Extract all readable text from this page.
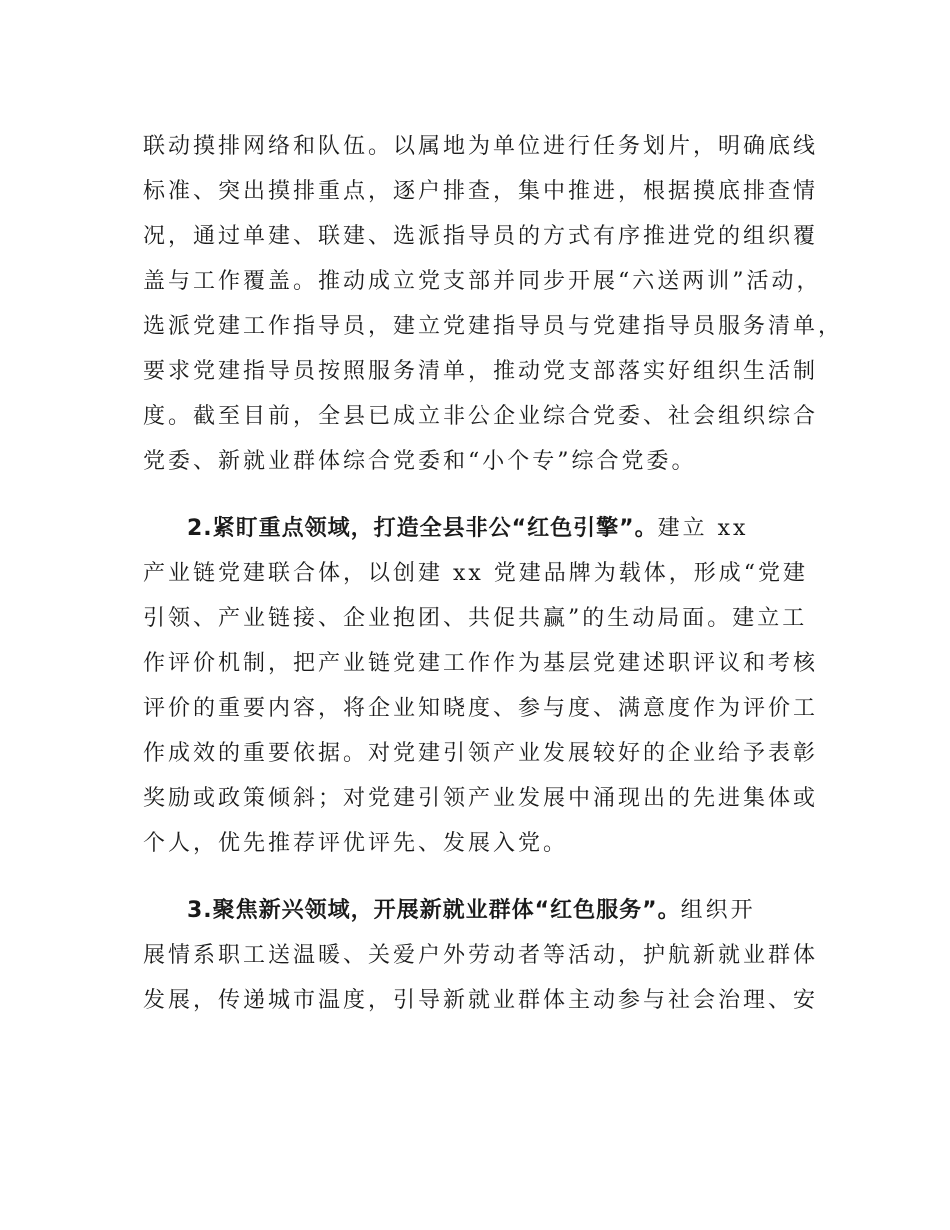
联动摸排网络和队伍。以属地为单位进行任务划片，明确底线
标准、突出摸排重点，逐户排查，集中推进，根据摸底排查情
况，通过单建、联建、选派指导员的方式有序推进党的组织覆
盖与工作覆盖。推动成立党支部并同步开展“六送两训”活动，
选派党建工作指导员，建立党建指导员与党建指导员服务清单，
要求党建指导员按照服务清单，推动党支部落实好组织生活制
度。截至目前，全县已成立非公企业综合党委、社会组织综合
党委、新就业群体综合党委和“小个专”综合党委。
2.紧盯重点领域，打造全县非公“红色引擎”。建立 xx
产业链党建联合体，以创建 xx 党建品牌为载体，形成“党建
引领、产业链接、企业抱团、共促共赢”的生动局面。建立工
作评价机制，把产业链党建工作作为基层党建述职评议和考核
评价的重要内容，将企业知晓度、参与度、满意度作为评价工
作成效的重要依据。对党建引领产业发展较好的企业给予表彰
奖励或政策倾斜；对党建引领产业发展中涌现出的先进集体或
个人，优先推荐评优评先、发展入党。
3.聚焦新兴领域，开展新就业群体“红色服务”。组织开
展情系职工送温暖、关爱户外劳动者等活动，护航新就业群体
发展，传递城市温度，引导新就业群体主动参与社会治理、安
